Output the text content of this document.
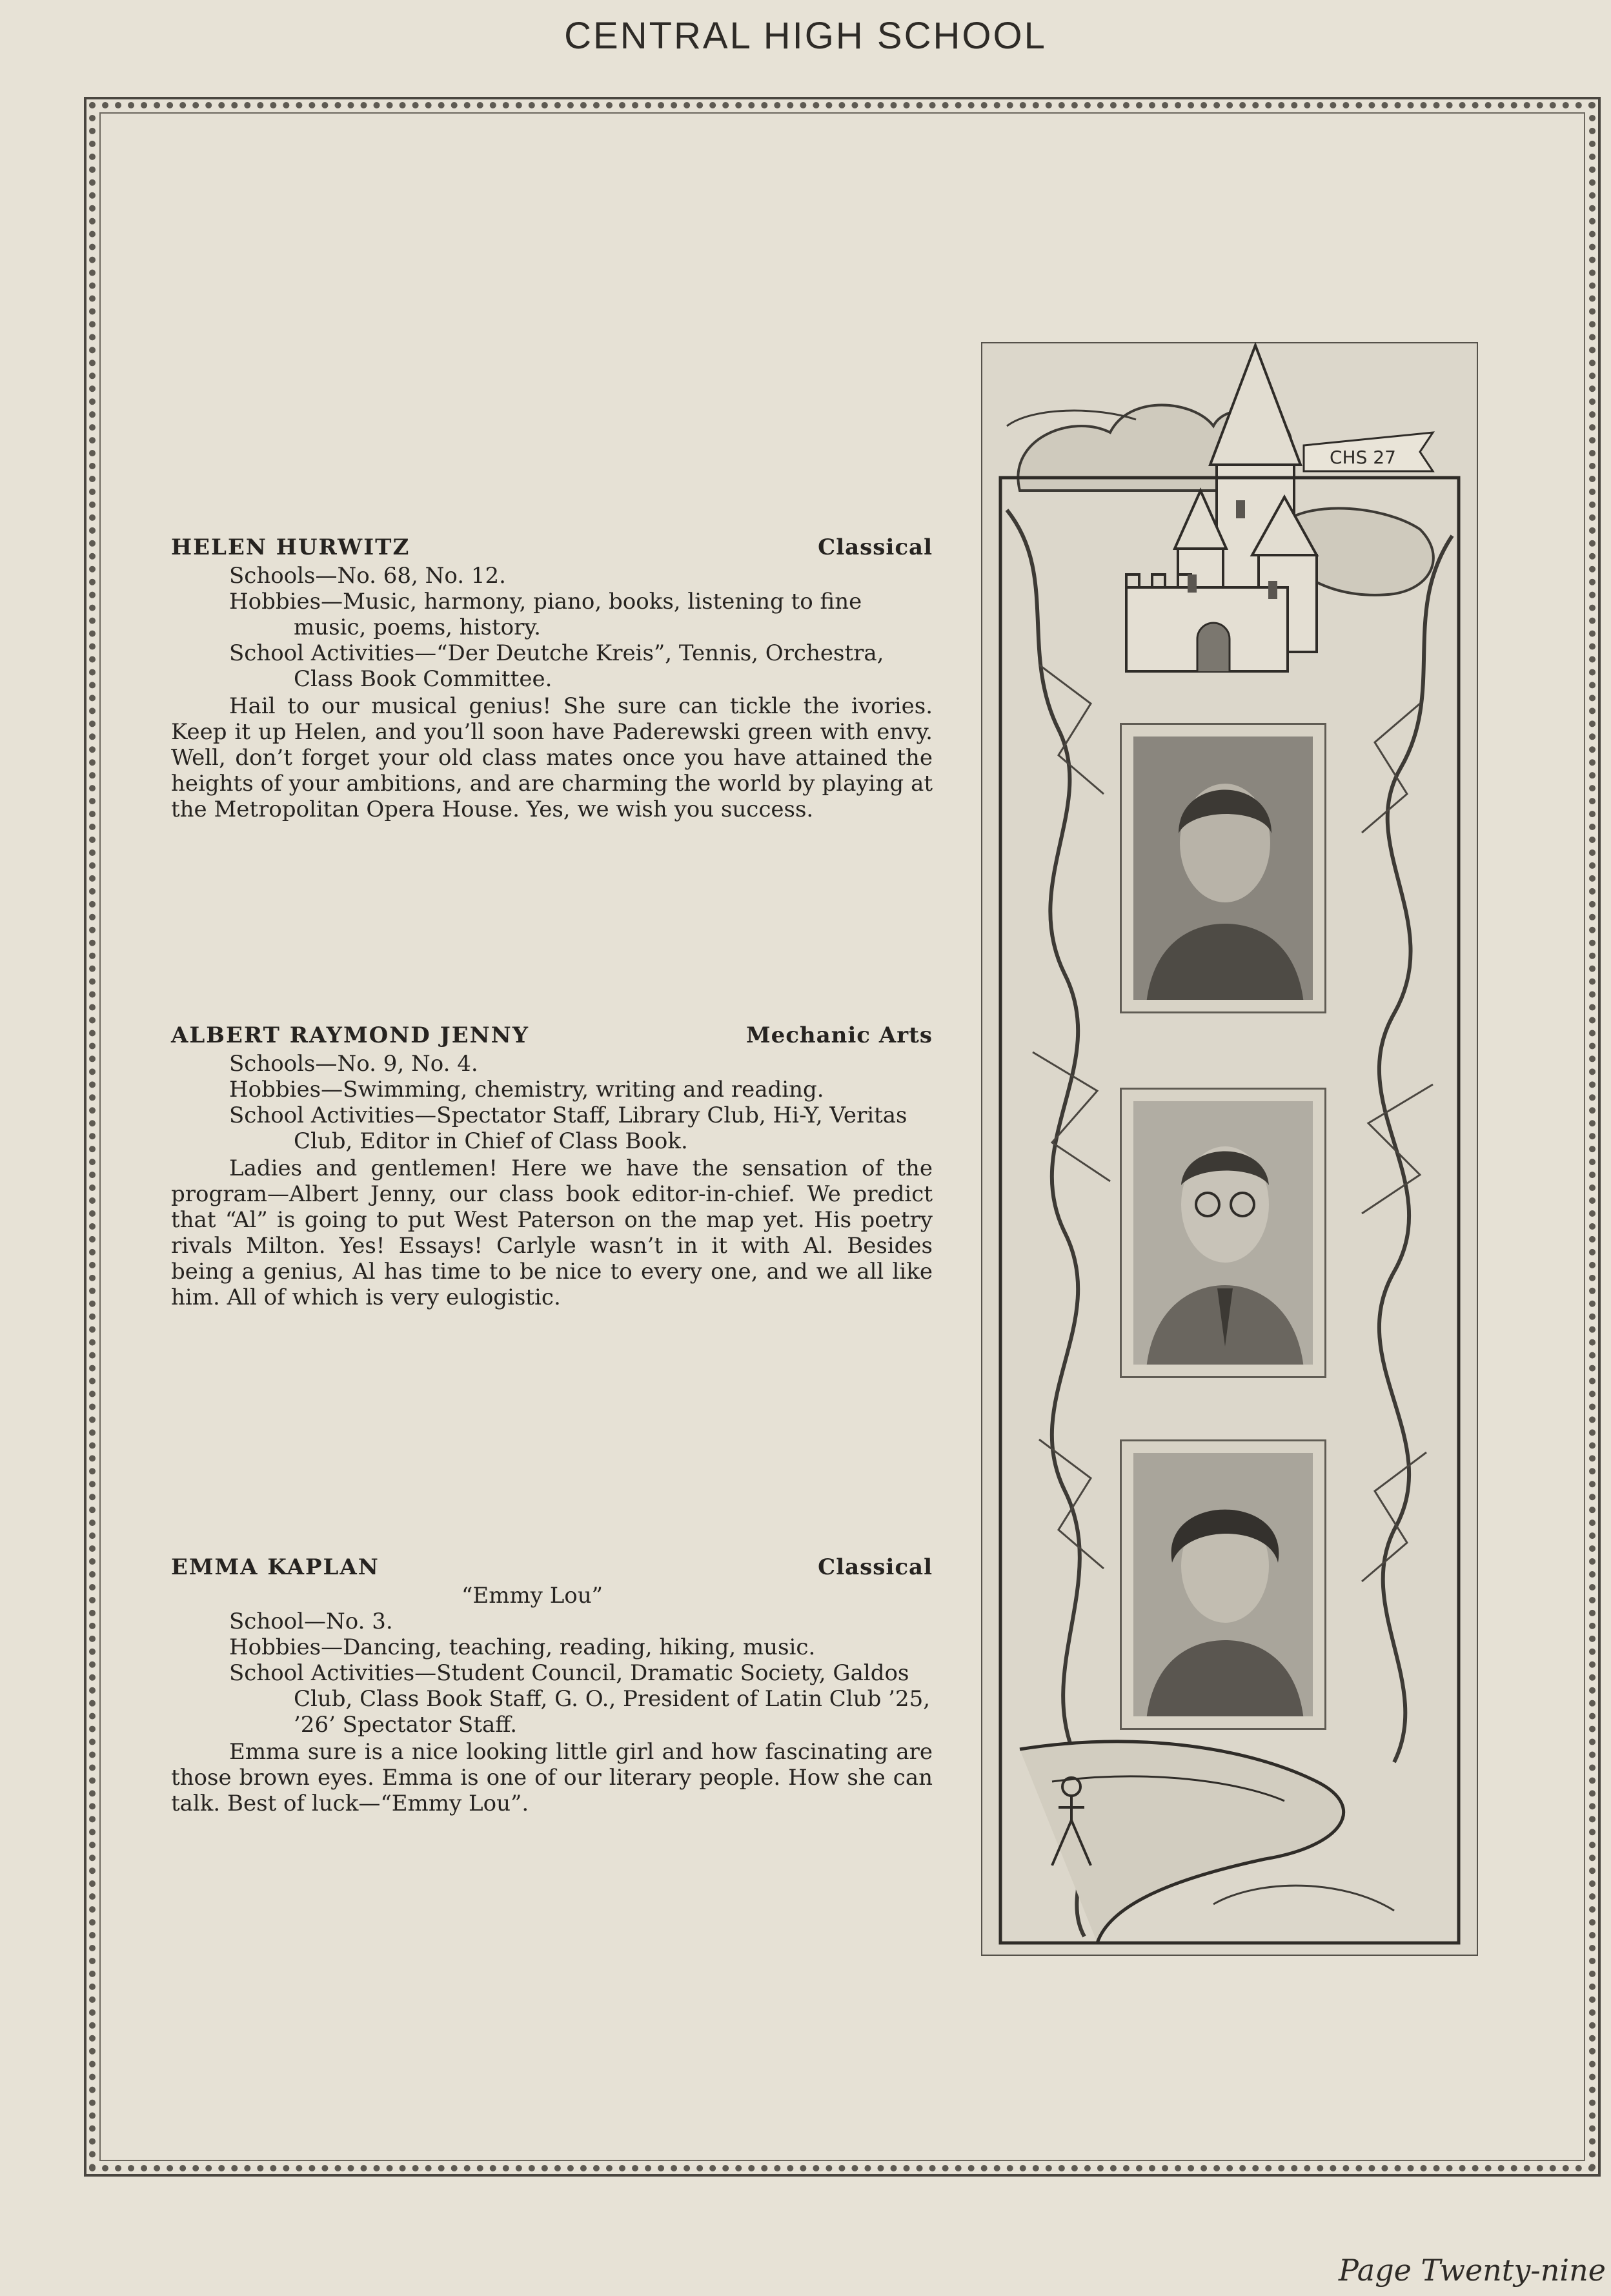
CENTRAL HIGH SCHOOL
HELEN HURWITZ	Classical

Schools—No. 68, No. 12.

Hobbies—Music, harmony, piano, books, listening to fine music, poems, history.

School Activities—“Der Deutche Kreis”, Tennis, Orchestra, Class Book Committee.

Hail to our musical genius! She sure can tickle the ivories. Keep it up Helen, and you’ll soon have Paderewski green with envy. Well, don’t forget your old class mates once you have attained the heights of your ambitions, and are charming the world by playing at the Metropolitan Opera House. Yes, we wish you success.

ALBERT RAYMOND JENNY	Mechanic Arts

Schools—No. 9, No. 4.

Hobbies—Swimming, chemistry, writing and reading.

School Activities—Spectator Staff, Library Club, Hi-Y, Veritas Club, Editor in Chief of Class Book.

Ladies and gentlemen! Here we have the sensation of the program—Albert Jenny, our class book editor-in-chief. We predict that “Al” is going to put West Paterson on the map yet. His poetry rivals Milton. Yes! Essays! Carlyle wasn’t in it with Al. Besides being a genius, Al has time to be nice to every one, and we all like him. All of which is very eulogistic.

EMMA KAPLAN	Classical

“Emmy Lou”

School—No. 3.

Hobbies—Dancing, teaching, reading, hiking, music.

School Activities—Student Council, Dramatic Society, Galdos Club, Class Book Staff, G. O., President of Latin Club ’25, ’26’ Spectator Staff.

Emma sure is a nice looking little girl and how fascinating are those brown eyes. Emma is one of our literary people. How she can talk. Best of luck—“Emmy Lou”.

CHS 27
Page Twenty-nine
